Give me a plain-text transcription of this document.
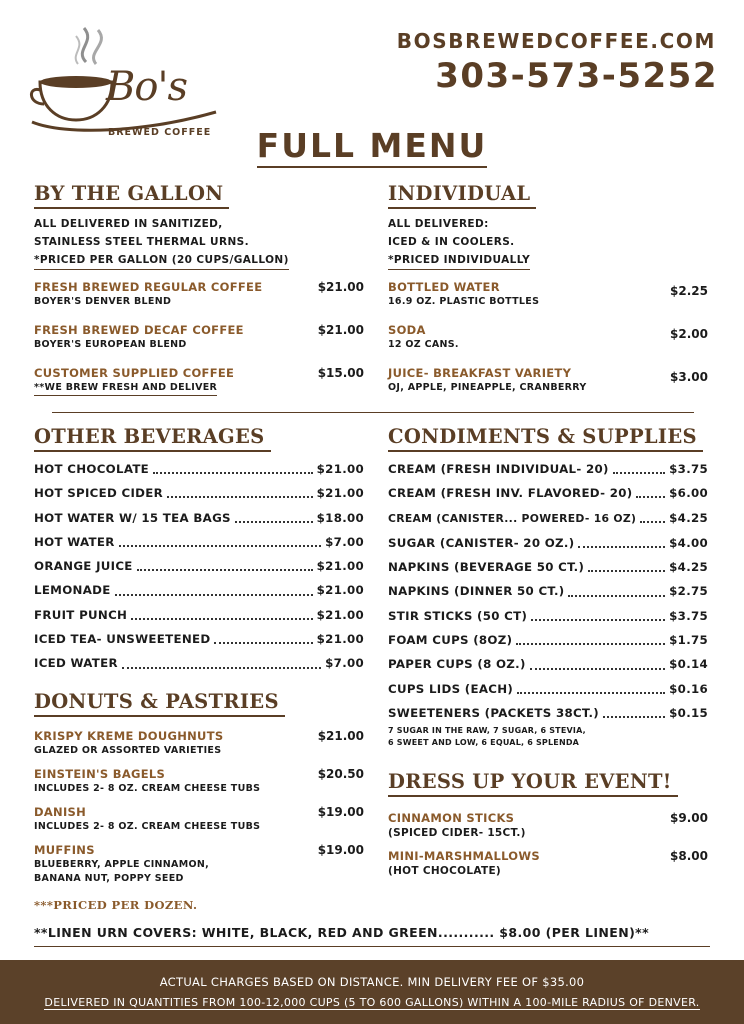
Bo's
BREWED COFFEE
BOSBREWEDCOFFEE.COM
303-573-5252
FULL MENU
BY THE GALLON
ALL DELIVERED IN SANITIZED,
STAINLESS STEEL THERMAL URNS.
*PRICED PER GALLON (20 CUPS/GALLON)
FRESH BREWED REGULAR COFFEE
BOYER'S DENVER BLEND
$21.00
FRESH BREWED DECAF COFFEE
BOYER'S EUROPEAN BLEND
$21.00
CUSTOMER SUPPLIED COFFEE
**WE BREW FRESH AND DELIVER
$15.00
INDIVIDUAL
ALL DELIVERED:
ICED & IN COOLERS.
*PRICED INDIVIDUALLY
BOTTLED WATER
16.9 OZ. PLASTIC BOTTLES
$2.25
SODA
12 OZ CANS.
$2.00
JUICE- BREAKFAST VARIETY
OJ, APPLE, PINEAPPLE, CRANBERRY
$3.00
OTHER BEVERAGES
HOT CHOCOLATE	$21.00
HOT SPICED CIDER	$21.00
HOT WATER W/ 15 TEA BAGS	$18.00
HOT WATER	$7.00
ORANGE JUICE	$21.00
LEMONADE	$21.00
FRUIT PUNCH	$21.00
ICED TEA- UNSWEETENED	$21.00
ICED WATER	$7.00
CONDIMENTS & SUPPLIES
CREAM (FRESH INDIVIDUAL- 20)	$3.75
CREAM (FRESH INV. FLAVORED- 20)	$6.00
CREAM (CANISTER... POWERED- 16 OZ)	$4.25
SUGAR (CANISTER- 20 OZ.)	$4.00
NAPKINS (BEVERAGE 50 CT.)	$4.25
NAPKINS (DINNER 50 CT.)	$2.75
STIR STICKS (50 CT)	$3.75
FOAM CUPS (8OZ)	$1.75
PAPER CUPS (8 OZ.)	$0.14
CUPS LIDS (EACH)	$0.16
SWEETENERS (PACKETS 38CT.)	$0.15
7 SUGAR IN THE RAW, 7 SUGAR, 6 STEVIA,
6 SWEET AND LOW, 6 EQUAL, 6 SPLENDA
DONUTS & PASTRIES
KRISPY KREME DOUGHNUTS
GLAZED OR ASSORTED VARIETIES
$21.00
EINSTEIN'S BAGELS
INCLUDES 2- 8 OZ. CREAM CHEESE TUBS
$20.50
DANISH
INCLUDES 2- 8 OZ. CREAM CHEESE TUBS
$19.00
MUFFINS
BLUEBERRY, APPLE CINNAMON,
BANANA NUT, POPPY SEED
$19.00
***PRICED PER DOZEN.
DRESS UP YOUR EVENT!
CINNAMON STICKS
(SPICED CIDER- 15CT.)
$9.00
MINI-MARSHMALLOWS
(HOT CHOCOLATE)
$8.00
**LINEN URN COVERS: WHITE, BLACK, RED AND GREEN........... $8.00 (PER LINEN)**
ACTUAL CHARGES BASED ON DISTANCE. MIN DELIVERY FEE OF $35.00
DELIVERED IN QUANTITIES FROM 100-12,000 CUPS (5 TO 600 GALLONS) WITHIN A 100-MILE RADIUS OF DENVER.
